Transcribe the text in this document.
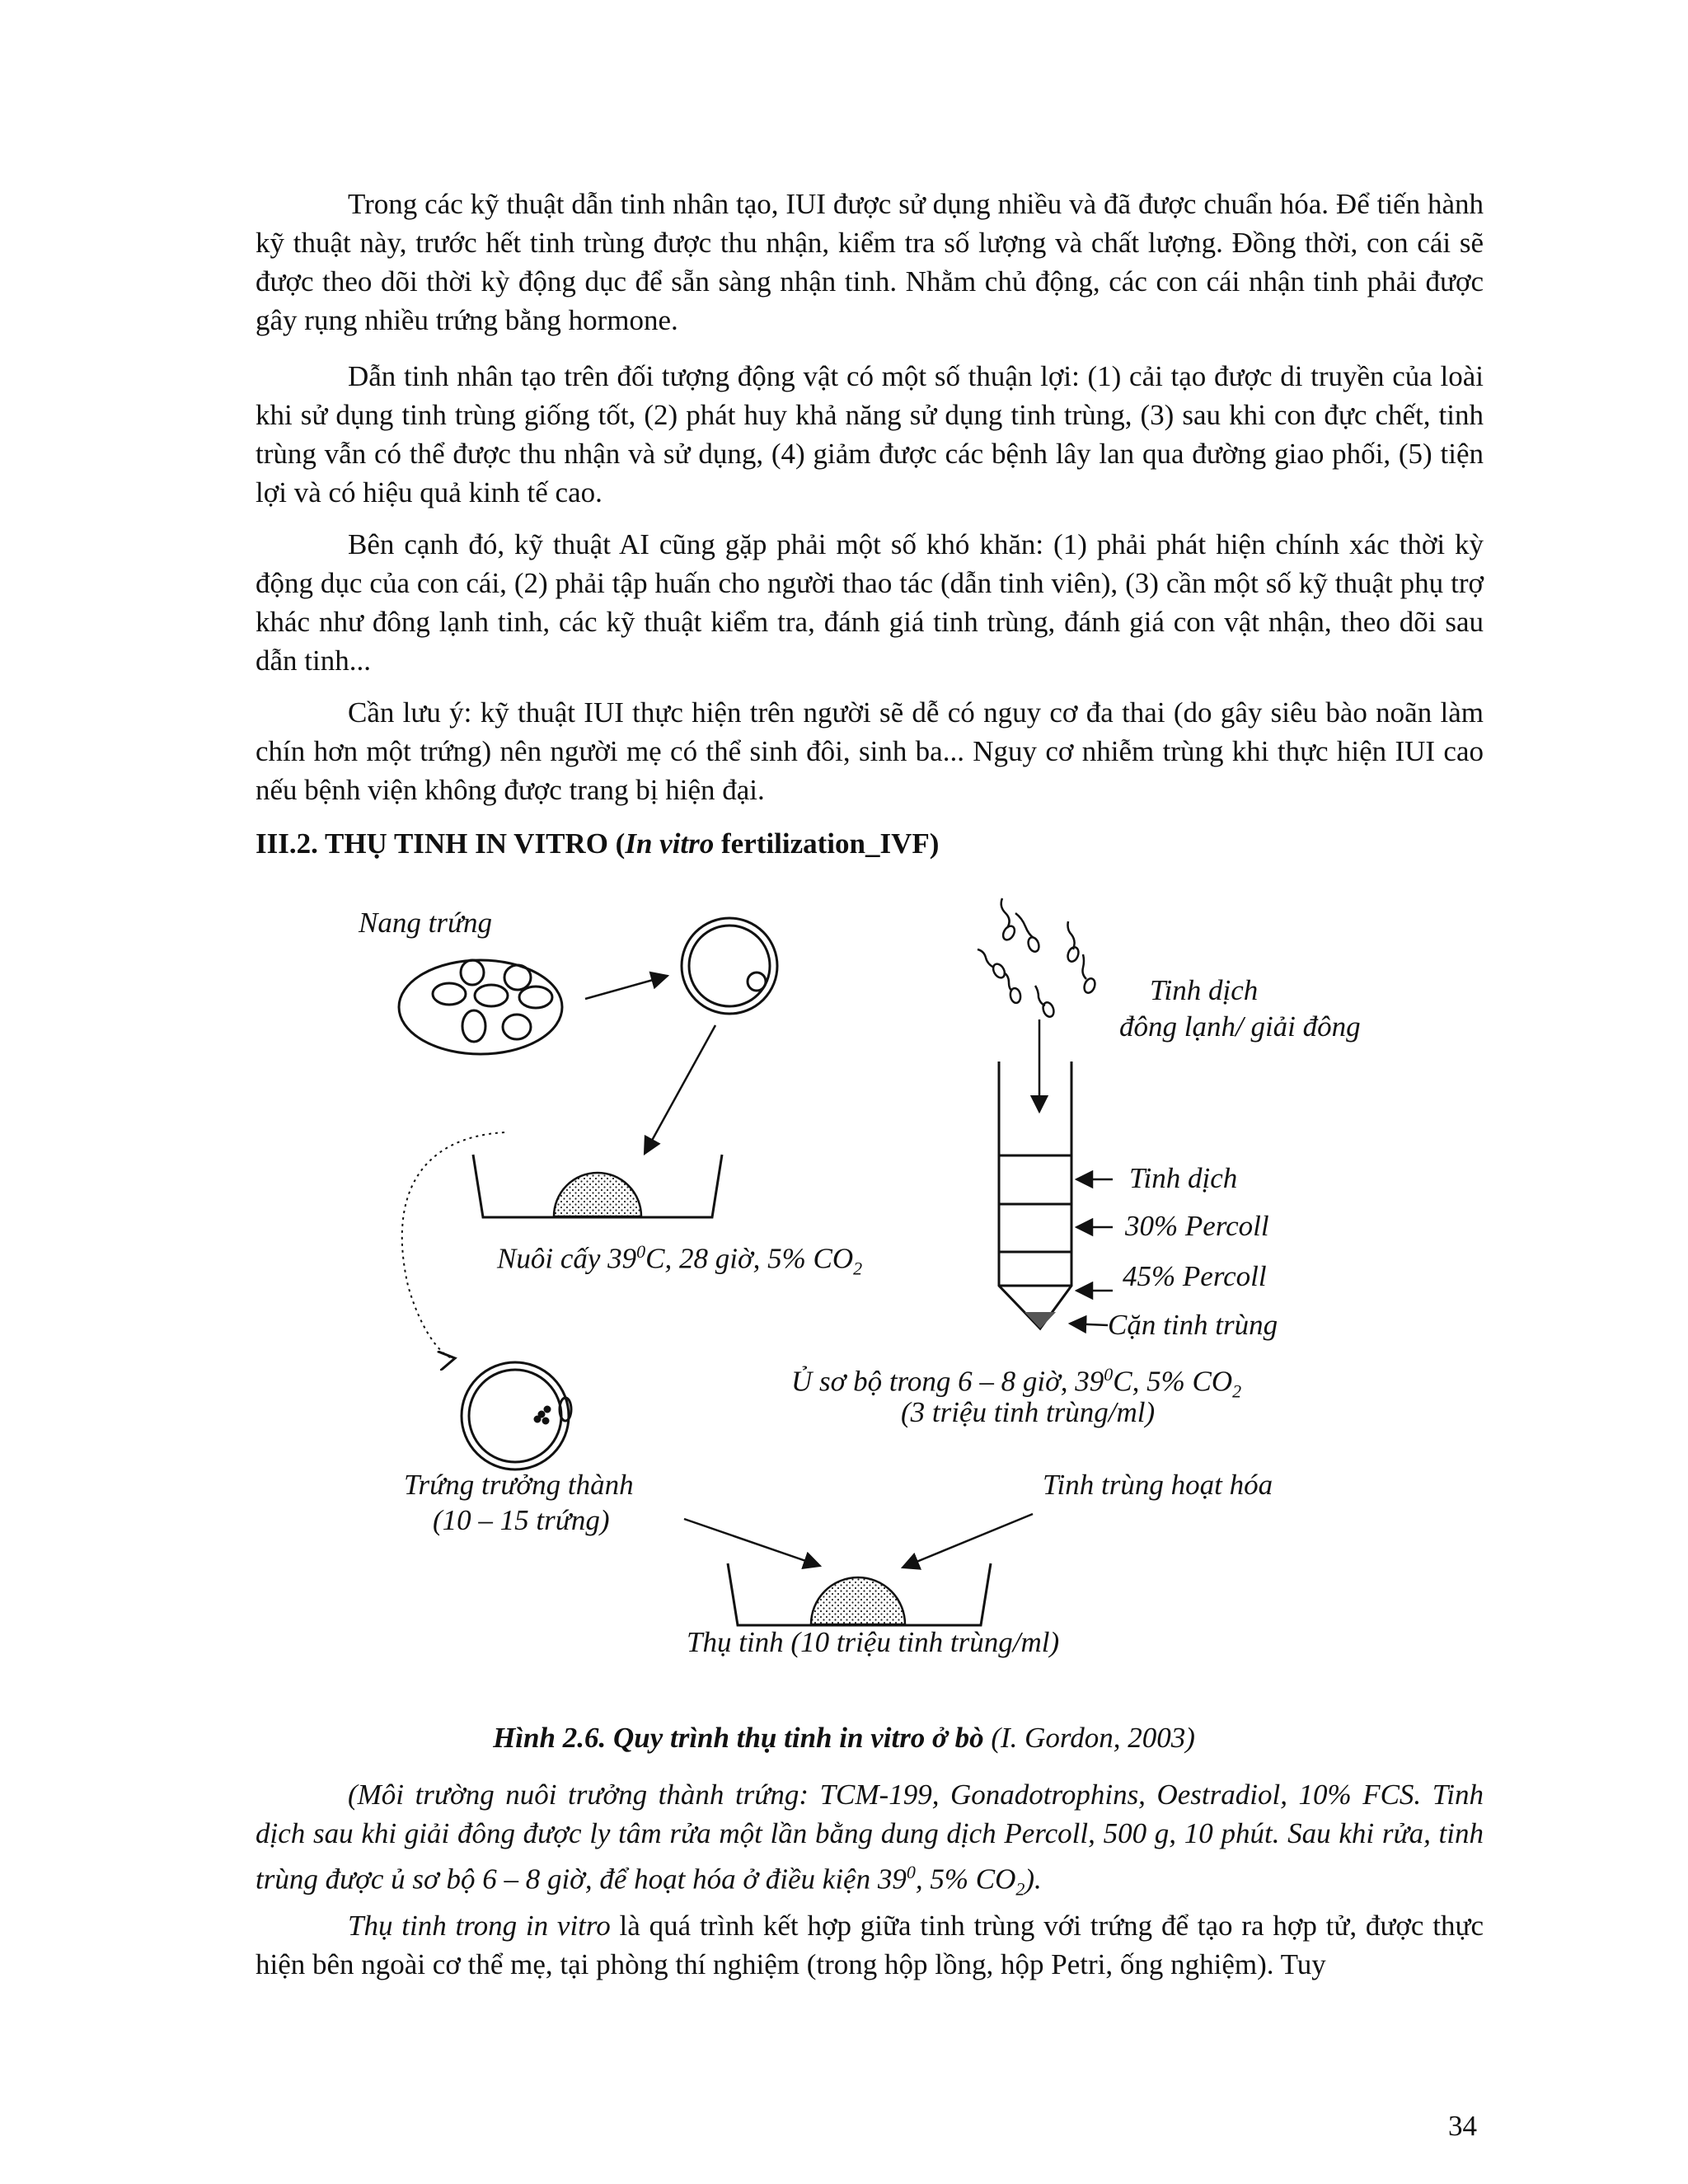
Trong các kỹ thuật dẫn tinh nhân tạo, IUI được sử dụng nhiều và đã được chuẩn hóa. Để tiến hành kỹ thuật này, trước hết tinh trùng được thu nhận, kiểm tra số lượng và chất lượng. Đồng thời, con cái sẽ được theo dõi thời kỳ động dục để sẵn sàng nhận tinh. Nhằm chủ động, các con cái nhận tinh phải được gây rụng nhiều trứng bằng hormone.

Dẫn tinh nhân tạo trên đối tượng động vật có một số thuận lợi: (1) cải tạo được di truyền của loài khi sử dụng tinh trùng giống tốt, (2) phát huy khả năng sử dụng tinh trùng, (3) sau khi con đực chết, tinh trùng vẫn có thể được thu nhận và sử dụng, (4) giảm được các bệnh lây lan qua đường giao phối, (5) tiện lợi và có hiệu quả kinh tế cao.

Bên cạnh đó, kỹ thuật AI cũng gặp phải một số khó khăn: (1) phải phát hiện chính xác thời kỳ động dục của con cái, (2) phải tập huấn cho người thao tác (dẫn tinh viên), (3) cần một số kỹ thuật phụ trợ khác như đông lạnh tinh, các kỹ thuật kiểm tra, đánh giá tinh trùng, đánh giá con vật nhận, theo dõi sau dẫn tinh...

Cần lưu ý: kỹ thuật IUI thực hiện trên người sẽ dễ có nguy cơ đa thai (do gây siêu bào noãn làm chín hơn một trứng) nên người mẹ có thể sinh đôi, sinh ba... Nguy cơ nhiễm trùng khi thực hiện IUI cao nếu bệnh viện không được trang bị hiện đại.

III.2. THỤ TINH IN VITRO (In vitro fertilization_IVF)

Nang trứng
Tinh dịch
đông lạnh/ giải đông
Tinh dịch
30% Percoll
45% Percoll
Cặn tinh trùng
Nuôi cấy $39^0C$, 28 giờ, 5% $CO_2$
Ủ sơ bộ trong 6 – 8 giờ, $39^0C$, 5% $CO_2$
(3 triệu tinh trùng/ml)
Trứng trưởng thành
(10 – 15 trứng)
Tinh trùng hoạt hóa
Thụ tinh (10 triệu tinh trùng/ml)
Hình 2.6. Quy trình thụ tinh in vitro ở bò (I. Gordon, 2003)

(Môi trường nuôi trưởng thành trứng: TCM-199, Gonadotrophins, Oestradiol, 10% FCS. Tinh dịch sau khi giải đông được ly tâm rửa một lần bằng dung dịch Percoll, 500 g, 10 phút. Sau khi rửa, tinh trùng được ủ sơ bộ 6 – 8 giờ, để hoạt hóa ở điều kiện $39^0$, 5% $CO_2$).

Thụ tinh trong in vitro là quá trình kết hợp giữa tinh trùng với trứng để tạo ra hợp tử, được thực hiện bên ngoài cơ thể mẹ, tại phòng thí nghiệm (trong hộp lồng, hộp Petri, ống nghiệm). Tuy

34
